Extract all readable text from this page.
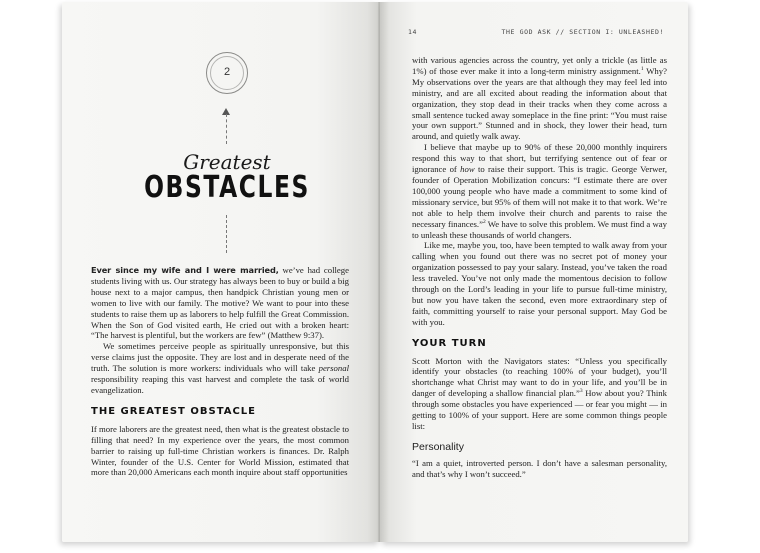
2
Greatest
OBSTACLES

Ever since my wife and I were married, we’ve had college students living with us. Our strategy has always been to buy or build a big house next to a major campus, then handpick Christian young men or women to live with our family. The motive? We want to pour into these students to raise them up as laborers to help fulfill the Great Commission. When the Son of God visited earth, He cried out with a broken heart: “The harvest is plentiful, but the workers are few” (Matthew 9:37).

We sometimes perceive people as spiritually unresponsive, but this verse claims just the opposite. They are lost and in desperate need of the truth. The solution is more workers: individuals who will take personal responsibility reaping this vast harvest and complete the task of world evangelization.

THE GREATEST OBSTACLE

If more laborers are the greatest need, then what is the greatest obstacle to filling that need? In my experience over the years, the most common barrier to raising up full-time Christian workers is finances. Dr. Ralph Winter, founder of the U.S. Center for World Mission, estimated that more than 20,000 Americans each month inquire about staff opportunities

14	THE GOD ASK // SECTION I: UNLEASHED!

with various agencies across the country, yet only a trickle (as little as 1%) of those ever make it into a long-term ministry assignment.$^1$ Why? My observations over the years are that although they may feel led into ministry, and are all excited about reading the information about that organization, they stop dead in their tracks when they come across a small sentence tucked away someplace in the fine print: “You must raise your own support.” Stunned and in shock, they lower their head, turn around, and quietly walk away.

I believe that maybe up to 90% of these 20,000 monthly inquirers respond this way to that short, but terrifying sentence out of fear or ignorance of how to raise their support. This is tragic. George Verwer, founder of Operation Mobilization concurs: “I estimate there are over 100,000 young people who have made a commitment to some kind of missionary service, but 95% of them will not make it to that work. We’re not able to help them involve their church and parents to raise the necessary finances.”$^2$ We have to solve this problem. We must find a way to unleash these thousands of world changers.

Like me, maybe you, too, have been tempted to walk away from your calling when you found out there was no secret pot of money your organization possessed to pay your salary. Instead, you’ve taken the road less traveled. You’ve not only made the momentous decision to follow through on the Lord’s leading in your life to pursue full-time ministry, but now you have taken the second, even more extraordinary step of faith, committing yourself to raise your personal support. May God be with you.

YOUR TURN

Scott Morton with the Navigators states: “Unless you specifically identify your obstacles (to reaching 100% of your budget), you’ll shortchange what Christ may want to do in your life, and you’ll be in danger of developing a shallow financial plan.”$^3$ How about you? Think through some obstacles you have experienced — or fear you might — in getting to 100% of your support. Here are some common things people list:

Personality

“I am a quiet, introverted person. I don’t have a salesman personality, and that’s why I won’t succeed.”
